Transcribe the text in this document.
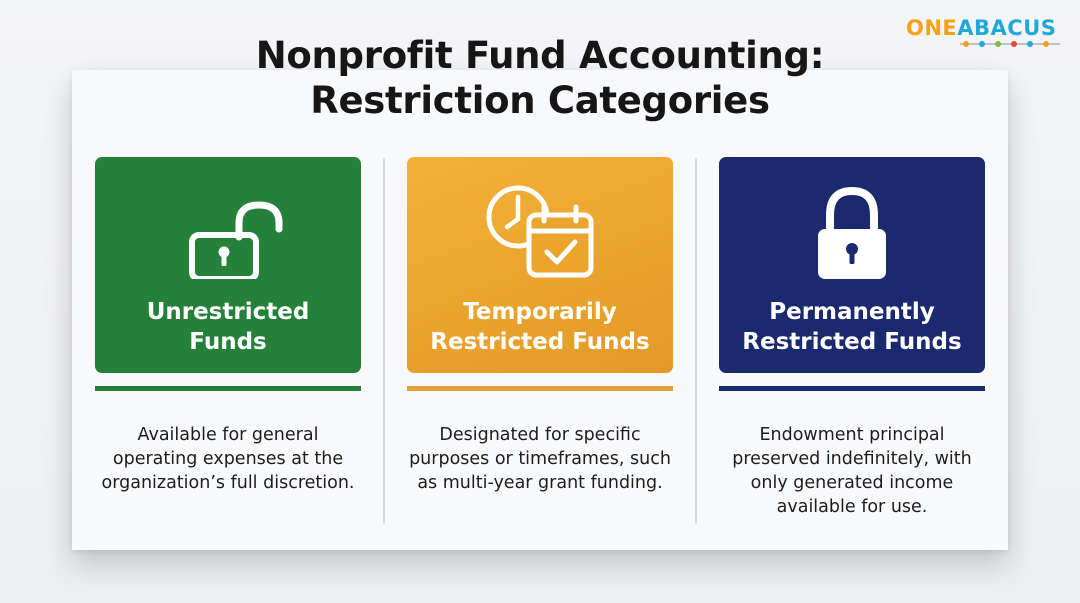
Nonprofit Fund Accounting:
Restriction Categories
ONEABACUS
Unrestricted
Funds
Available for general
operating expenses at the
organization’s full discretion.
Temporarily
Restricted Funds
Designated for specific
purposes or timeframes, such
as multi-year grant funding.
Permanently
Restricted Funds
Endowment principal
preserved indefinitely, with
only generated income
available for use.
